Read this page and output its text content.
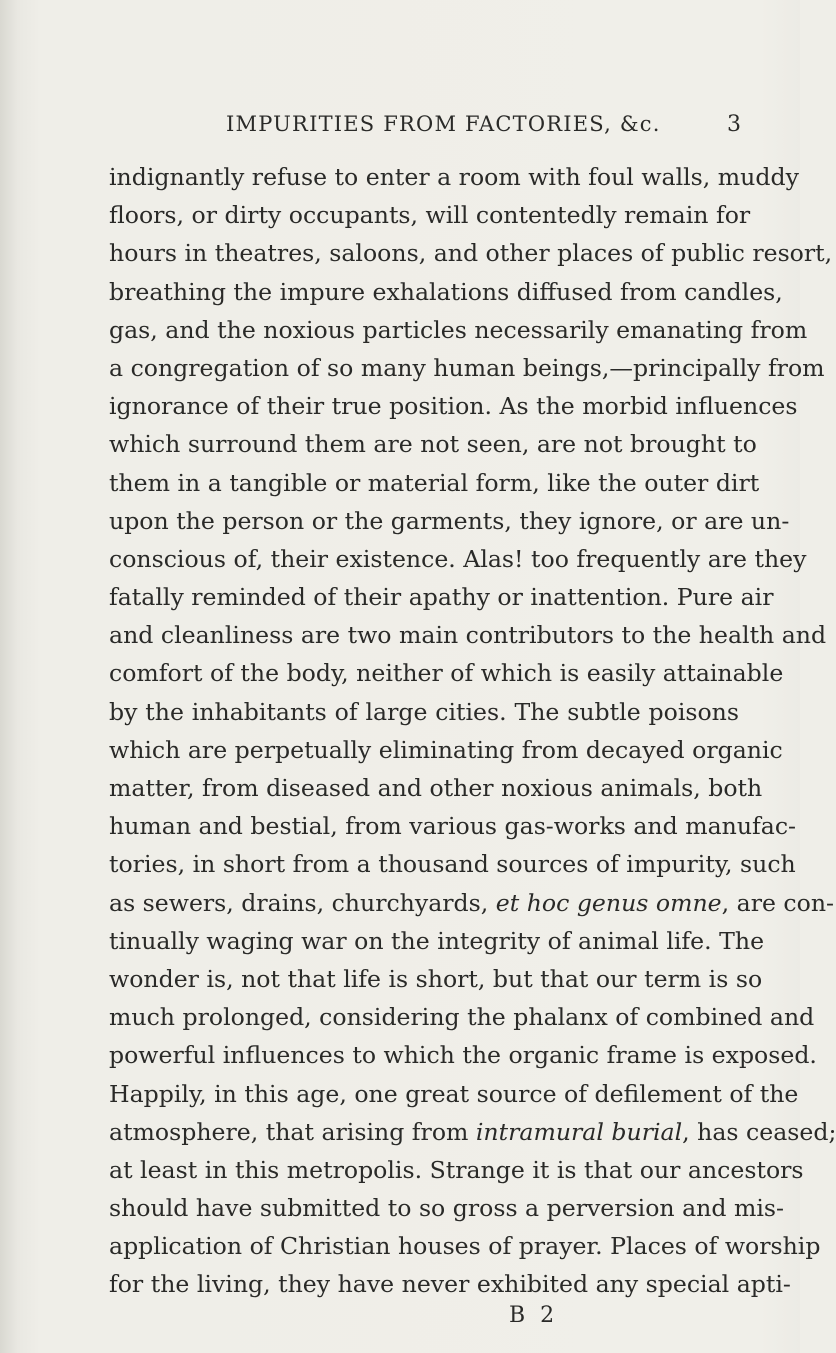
IMPURITIES FROM FACTORIES, &c.	3
indignantly refuse to enter a room with foul walls, muddy
floors, or dirty occupants, will contentedly remain for
hours in theatres, saloons, and other places of public resort,
breathing the impure exhalations diffused from candles,
gas, and the noxious particles necessarily emanating from
a congregation of so many human beings,—principally from
ignorance of their true position. As the morbid influences
which surround them are not seen, are not brought to
them in a tangible or material form, like the outer dirt
upon the person or the garments, they ignore, or are un-
conscious of, their existence. Alas! too frequently are they
fatally reminded of their apathy or inattention. Pure air
and cleanliness are two main contributors to the health and
comfort of the body, neither of which is easily attainable
by the inhabitants of large cities. The subtle poisons
which are perpetually eliminating from decayed organic
matter, from diseased and other noxious animals, both
human and bestial, from various gas-works and manufac-
tories, in short from a thousand sources of impurity, such
as sewers, drains, churchyards, et hoc genus omne, are con-
tinually waging war on the integrity of animal life. The
wonder is, not that life is short, but that our term is so
much prolonged, considering the phalanx of combined and
powerful influences to which the organic frame is exposed.
Happily, in this age, one great source of defilement of the
atmosphere, that arising from intramural burial, has ceased;
at least in this metropolis. Strange it is that our ancestors
should have submitted to so gross a perversion and mis-
application of Christian houses of prayer. Places of worship
for the living, they have never exhibited any special apti-
B 2
